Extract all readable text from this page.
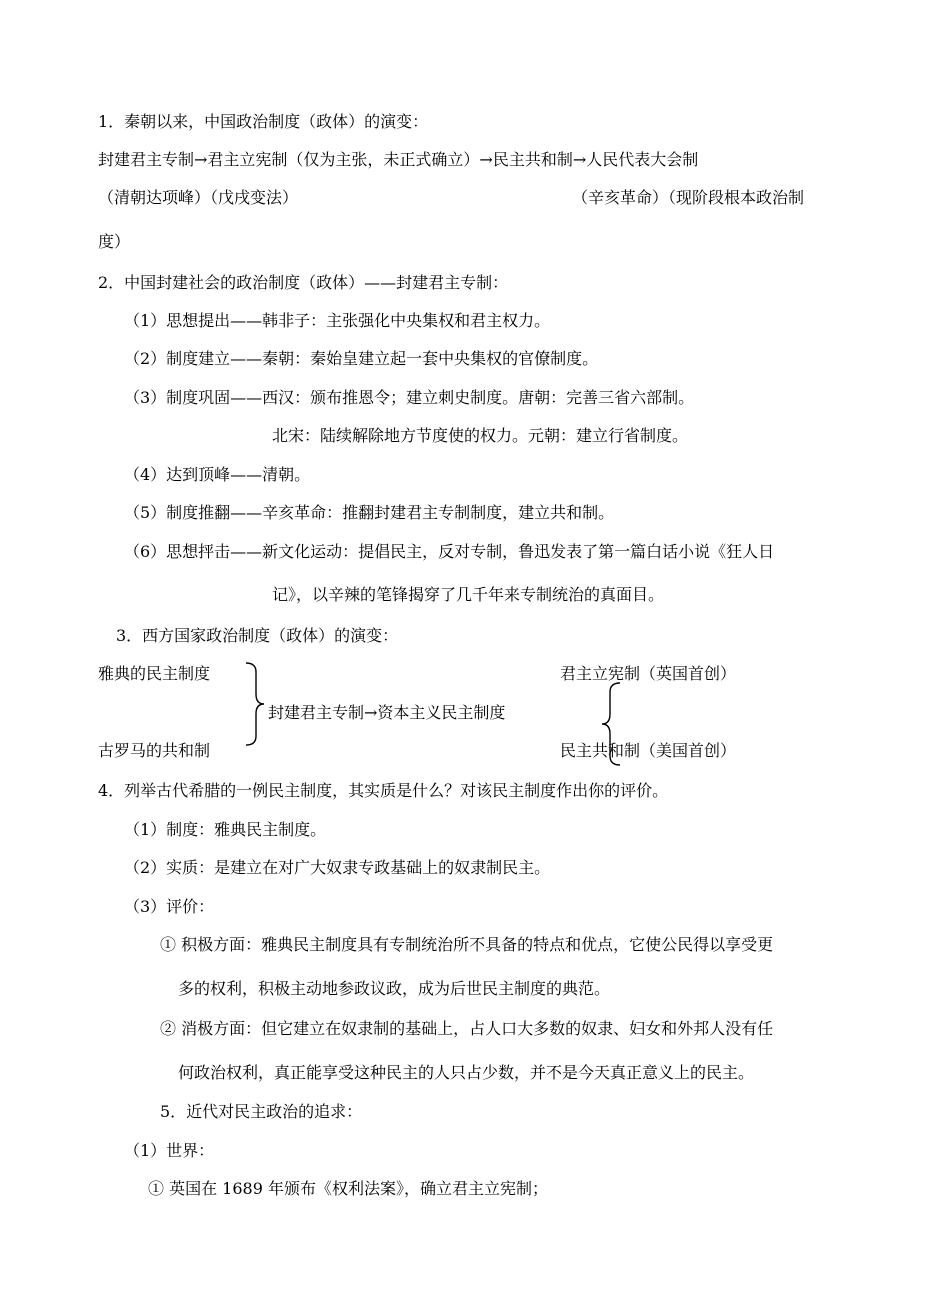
1．秦朝以来，中国政治制度（政体）的演变：
封建君主专制→君主立宪制（仅为主张，未正式确立）→民主共和制→人民代表大会制
（清朝达项峰）（戊戌变法）	（辛亥革命）（现阶段根本政治制
度）
2．中国封建社会的政治制度（政体）——封建君主专制：
（1）思想提出——韩非子：主张强化中央集权和君主权力。
（2）制度建立——秦朝：秦始皇建立起一套中央集权的官僚制度。
（3）制度巩固——西汉：颁布推恩令；建立刺史制度。唐朝：完善三省六部制。
北宋：陆续解除地方节度使的权力。元朝：建立行省制度。
（4）达到顶峰——清朝。
（5）制度推翻——辛亥革命：推翻封建君主专制制度，建立共和制。
（6）思想抨击——新文化运动：提倡民主，反对专制，鲁迅发表了第一篇白话小说《狂人日
记》，以辛辣的笔锋揭穿了几千年来专制统治的真面目。
3．西方国家政治制度（政体）的演变：
雅典的民主制度
古罗马的共和制
封建君主专制→资本主义民主制度
君主立宪制（英国首创）
民主共和制（美国首创）
4．列举古代希腊的一例民主制度，其实质是什么？对该民主制度作出你的评价。
（1）制度：雅典民主制度。
（2）实质：是建立在对广大奴隶专政基础上的奴隶制民主。
（3）评价：
① 积极方面：雅典民主制度具有专制统治所不具备的特点和优点，它使公民得以享受更
多的权利，积极主动地参政议政，成为后世民主制度的典范。
② 消极方面：但它建立在奴隶制的基础上，占人口大多数的奴隶、妇女和外邦人没有任
何政治权利，真正能享受这种民主的人只占少数，并不是今天真正意义上的民主。
5．近代对民主政治的追求：
（1）世界：
① 英国在 1689 年颁布《权利法案》，确立君主立宪制；
